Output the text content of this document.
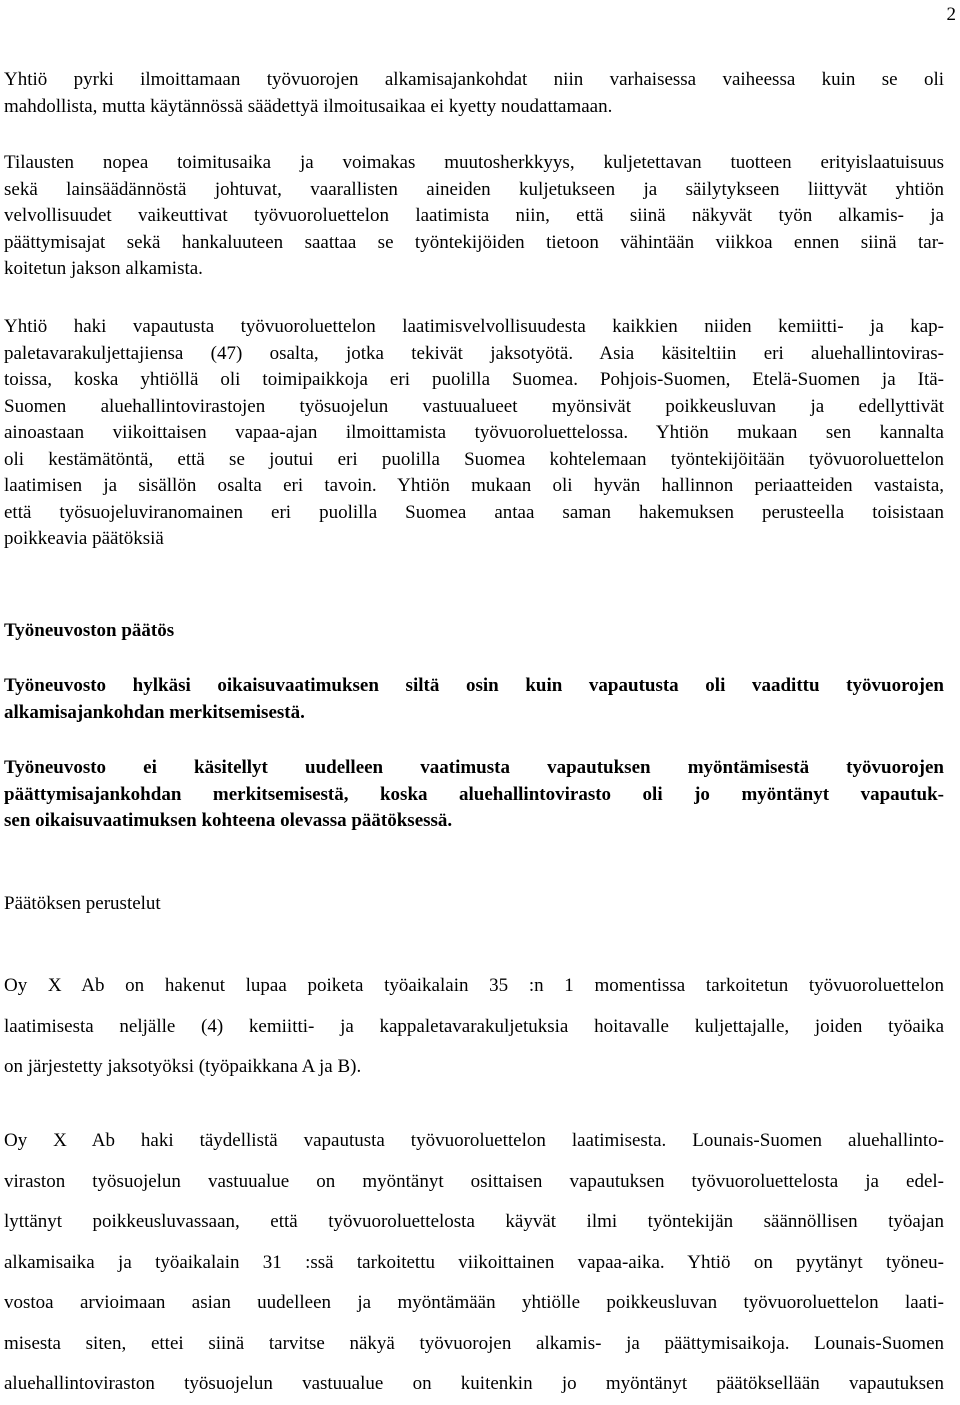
2
Yhtiö pyrki ilmoittamaan työvuorojen alkamisajankohdat niin varhaisessa vaiheessa kuin se oli
mahdollista, mutta käytännössä säädettyä ilmoitusaikaa ei kyetty noudattamaan.
Tilausten nopea toimitusaika ja voimakas muutosherkkyys, kuljetettavan tuotteen erityislaatuisuus
sekä lainsäädännöstä johtuvat, vaarallisten aineiden kuljetukseen ja säilytykseen liittyvät yhtiön
velvollisuudet vaikeuttivat työvuoroluettelon laatimista niin, että siinä näkyvät työn alkamis- ja
päättymisajat sekä hankaluuteen saattaa se työntekijöiden tietoon vähintään viikkoa ennen siinä tar-
koitetun jakson alkamista.
Yhtiö haki vapautusta työvuoroluettelon laatimisvelvollisuudesta kaikkien niiden kemiitti- ja kap-
paletavarakuljettajiensa (47) osalta, jotka tekivät jaksotyötä. Asia käsiteltiin eri aluehallintoviras-
toissa, koska yhtiöllä oli toimipaikkoja eri puolilla Suomea. Pohjois-Suomen, Etelä-Suomen ja Itä-
Suomen aluehallintovirastojen työsuojelun vastuualueet myönsivät poikkeusluvan ja edellyttivät
ainoastaan viikoittaisen vapaa-ajan ilmoittamista työvuoroluettelossa. Yhtiön mukaan sen kannalta
oli kestämätöntä, että se joutui eri puolilla Suomea kohtelemaan työntekijöitään työvuoroluettelon
laatimisen ja sisällön osalta eri tavoin. Yhtiön mukaan oli hyvän hallinnon periaatteiden vastaista,
että työsuojeluviranomainen eri puolilla Suomea antaa saman hakemuksen perusteella toisistaan
poikkeavia päätöksiä
Työneuvoston päätös
Työneuvosto hylkäsi oikaisuvaatimuksen siltä osin kuin vapautusta oli vaadittu työvuorojen
alkamisajankohdan merkitsemisestä.
Työneuvosto ei käsitellyt uudelleen vaatimusta vapautuksen myöntämisestä työvuorojen
päättymisajankohdan merkitsemisestä, koska aluehallintovirasto oli jo myöntänyt vapautuk-
sen oikaisuvaatimuksen kohteena olevassa päätöksessä.
Päätöksen perustelut
Oy X Ab on hakenut lupaa poiketa työaikalain 35 :n 1 momentissa tarkoitetun työvuoroluettelon
laatimisesta neljälle (4) kemiitti- ja kappaletavarakuljetuksia hoitavalle kuljettajalle, joiden työaika
on järjestetty jaksotyöksi (työpaikkana A ja B).
Oy X Ab haki täydellistä vapautusta työvuoroluettelon laatimisesta. Lounais-Suomen aluehallinto-
viraston työsuojelun vastuualue on myöntänyt osittaisen vapautuksen työvuoroluettelosta ja edel-
lyttänyt poikkeusluvassaan, että työvuoroluettelosta käyvät ilmi työntekijän säännöllisen työajan
alkamisaika ja työaikalain 31 :ssä tarkoitettu viikoittainen vapaa-aika. Yhtiö on pyytänyt työneu-
vostoa arvioimaan asian uudelleen ja myöntämään yhtiölle poikkeusluvan työvuoroluettelon laati-
misesta siten, ettei siinä tarvitse näkyä työvuorojen alkamis- ja päättymisaikoja. Lounais-Suomen
aluehallintoviraston työsuojelun vastuualue on kuitenkin jo myöntänyt päätöksellään vapautuksen
